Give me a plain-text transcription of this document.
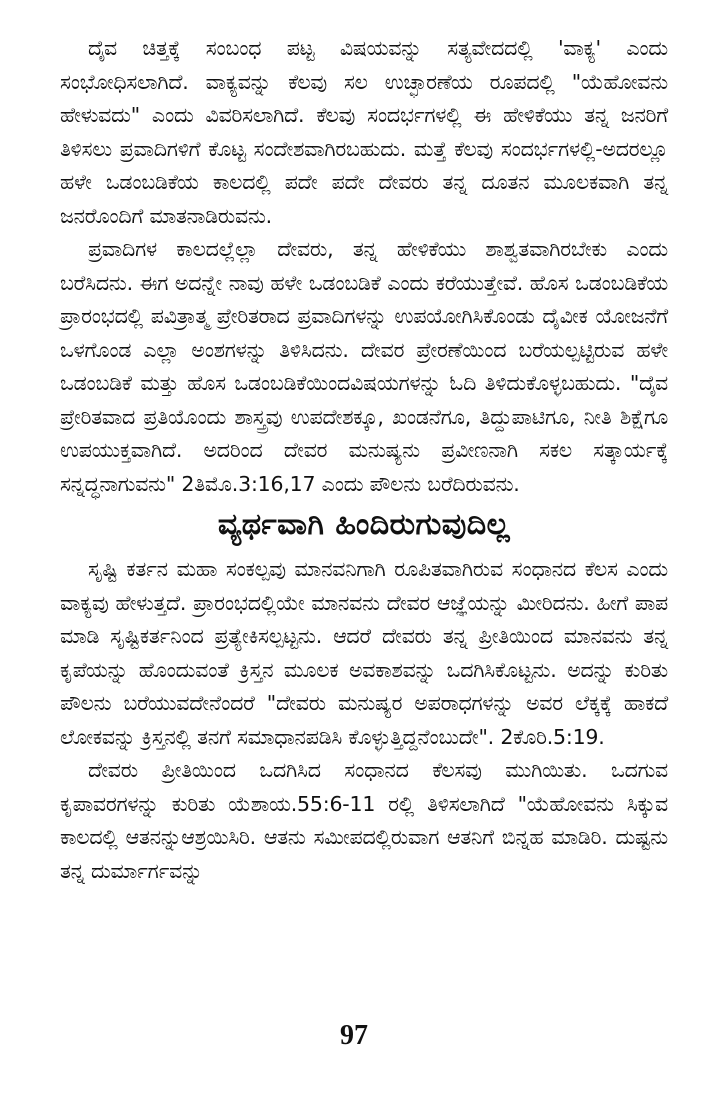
ದೈವ ಚಿತ್ತಕ್ಕೆ ಸಂಬಂಧ ಪಟ್ಟ ವಿಷಯವನ್ನು ಸತ್ಯವೇದದಲ್ಲಿ 'ವಾಕ್ಯ' ಎಂದು ಸಂಭೋಧಿಸಲಾಗಿದೆ. ವಾಕ್ಯವನ್ನು ಕೆಲವು ಸಲ ಉಚ್ಛಾರಣೆಯ ರೂಪದಲ್ಲಿ "ಯೆಹೋವನು ಹೇಳುವದು" ಎಂದು ವಿವರಿಸಲಾಗಿದೆ. ಕೆಲವು ಸಂದರ್ಭಗಳಲ್ಲಿ ಈ ಹೇಳಿಕೆಯು ತನ್ನ ಜನರಿಗೆ ತಿಳಿಸಲು ಪ್ರವಾದಿಗಳಿಗೆ ಕೊಟ್ಟ ಸಂದೇಶವಾಗಿರಬಹುದು. ಮತ್ತೆ ಕೆಲವು ಸಂದರ್ಭಗಳಲ್ಲಿ-ಅದರಲ್ಲೂ ಹಳೇ ಒಡಂಬಡಿಕೆಯ ಕಾಲದಲ್ಲಿ ಪದೇ ಪದೇ ದೇವರು ತನ್ನ ದೂತನ ಮೂಲಕವಾಗಿ ತನ್ನ ಜನರೊಂದಿಗೆ ಮಾತನಾಡಿರುವನು.

ಪ್ರವಾದಿಗಳ ಕಾಲದಲ್ಲೆಲ್ಲಾ ದೇವರು, ತನ್ನ ಹೇಳಿಕೆಯು ಶಾಶ್ವತವಾಗಿರಬೇಕು ಎಂದು ಬರೆಸಿದನು. ಈಗ ಅದನ್ನೇ ನಾವು ಹಳೇ ಒಡಂಬಡಿಕೆ ಎಂದು ಕರೆಯುತ್ತೇವೆ. ಹೊಸ ಒಡಂಬಡಿಕೆಯ ಪ್ರಾರಂಭದಲ್ಲಿ ಪವಿತ್ರಾತ್ಮ ಪ್ರೇರಿತರಾದ ಪ್ರವಾದಿಗಳನ್ನು ಉಪಯೋಗಿಸಿಕೊಂಡು ದೈವೀಕ ಯೋಜನೆಗೆ ಒಳಗೊಂಡ ಎಲ್ಲಾ ಅಂಶಗಳನ್ನು ತಿಳಿಸಿದನು. ದೇವರ ಪ್ರೇರಣೆಯಿಂದ ಬರೆಯಲ್ಪಟ್ಟಿರುವ ಹಳೇ ಒಡಂಬಡಿಕೆ ಮತ್ತು ಹೊಸ ಒಡಂಬಡಿಕೆಯಿಂದವಿಷಯಗಳನ್ನು ಓದಿ ತಿಳಿದುಕೊಳ್ಳಬಹುದು. "ದೈವ ಪ್ರೇರಿತವಾದ ಪ್ರತಿಯೊಂದು ಶಾಸ್ತ್ರವು ಉಪದೇಶಕ್ಕೂ, ಖಂಡನೆಗೂ, ತಿದ್ದುಪಾಟಿಗೂ, ನೀತಿ ಶಿಕ್ಷೆಗೂ ಉಪಯುಕ್ತವಾಗಿದೆ. ಅದರಿಂದ ದೇವರ ಮನುಷ್ಯನು ಪ್ರವೀಣನಾಗಿ ಸಕಲ ಸತ್ಕಾರ್ಯಕ್ಕೆ ಸನ್ನದ್ಧನಾಗುವನು" 2ತಿಮೊ.3:16,17 ಎಂದು ಪೌಲನು ಬರೆದಿರುವನು.

ವ್ಯರ್ಥವಾಗಿ ಹಿಂದಿರುಗುವುದಿಲ್ಲ

ಸೃಷ್ಟಿ ಕರ್ತನ ಮಹಾ ಸಂಕಲ್ಪವು ಮಾನವನಿಗಾಗಿ ರೂಪಿತವಾಗಿರುವ ಸಂಧಾನದ ಕೆಲಸ ಎಂದು ವಾಕ್ಯವು ಹೇಳುತ್ತದೆ. ಪ್ರಾರಂಭದಲ್ಲಿಯೇ ಮಾನವನು ದೇವರ ಆಜ್ಞೆಯನ್ನು ಮೀರಿದನು. ಹೀಗೆ ಪಾಪ ಮಾಡಿ ಸೃಷ್ಟಿಕರ್ತನಿಂದ ಪ್ರತ್ಯೇಕಿಸಲ್ಪಟ್ಟನು. ಆದರೆ ದೇವರು ತನ್ನ ಪ್ರೀತಿಯಿಂದ ಮಾನವನು ತನ್ನ ಕೃಪೆಯನ್ನು ಹೊಂದುವಂತೆ ಕ್ರಿಸ್ತನ ಮೂಲಕ ಅವಕಾಶವನ್ನು ಒದಗಿಸಿಕೊಟ್ಟನು. ಅದನ್ನು ಕುರಿತು ಪೌಲನು ಬರೆಯುವದೇನೆಂದರೆ "ದೇವರು ಮನುಷ್ಯರ ಅಪರಾಧಗಳನ್ನು ಅವರ ಲೆಕ್ಕಕ್ಕೆ ಹಾಕದೆ ಲೋಕವನ್ನು ಕ್ರಿಸ್ತನಲ್ಲಿ ತನಗೆ ಸಮಾಧಾನಪಡಿಸಿ ಕೊಳ್ಳುತ್ತಿದ್ದನೆಂಬುದೇ". 2ಕೊರಿ.5:19.

ದೇವರು ಪ್ರೀತಿಯಿಂದ ಒದಗಿಸಿದ ಸಂಧಾನದ ಕೆಲಸವು ಮುಗಿಯಿತು. ಒದಗುವ ಕೃಪಾವರಗಳನ್ನು ಕುರಿತು ಯೆಶಾಯ.55:6-11 ರಲ್ಲಿ ತಿಳಿಸಲಾಗಿದೆ "ಯೆಹೋವನು ಸಿಕ್ಕುವ ಕಾಲದಲ್ಲಿ ಆತನನ್ನುಆಶ್ರಯಿಸಿರಿ. ಆತನು ಸಮೀಪದಲ್ಲಿರುವಾಗ ಆತನಿಗೆ ಬಿನ್ನಹ ಮಾಡಿರಿ. ದುಷ್ಟನು ತನ್ನ ದುರ್ಮಾರ್ಗವನ್ನು

97
